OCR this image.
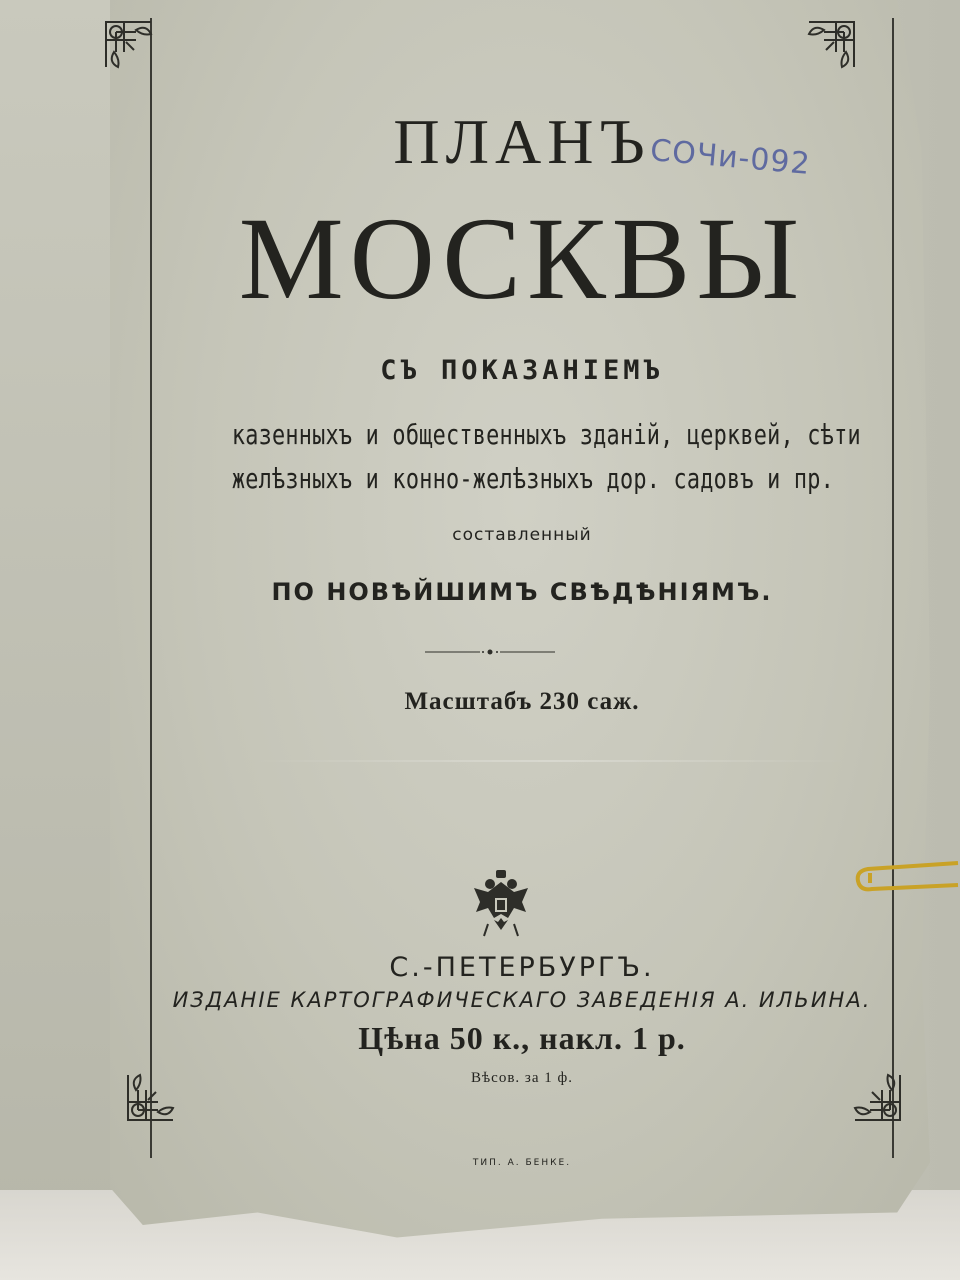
ПЛАНЪ
МОСКВЫ
СЪ ПОКАЗАНІЕМЪ
казенныхъ и общественныхъ зданій, церквей, сѣти
желѣзныхъ и конно-желѣзныхъ дор. садовъ и пр.
составленный
ПО НОВѢЙШИМЪ СВѢДѢНІЯМЪ.
Масштабъ 230 саж.
С.-ПЕТЕРБУРГЪ.
ИЗДАНІЕ КАРТОГРАФИЧЕСКАГО ЗАВЕДЕНІЯ А. ИЛЬИНА.
Цѣна 50 к., накл. 1 р.
Вѣсов. за 1 ф.
ТИП. А. БЕНКЕ.
СОЧи-092
